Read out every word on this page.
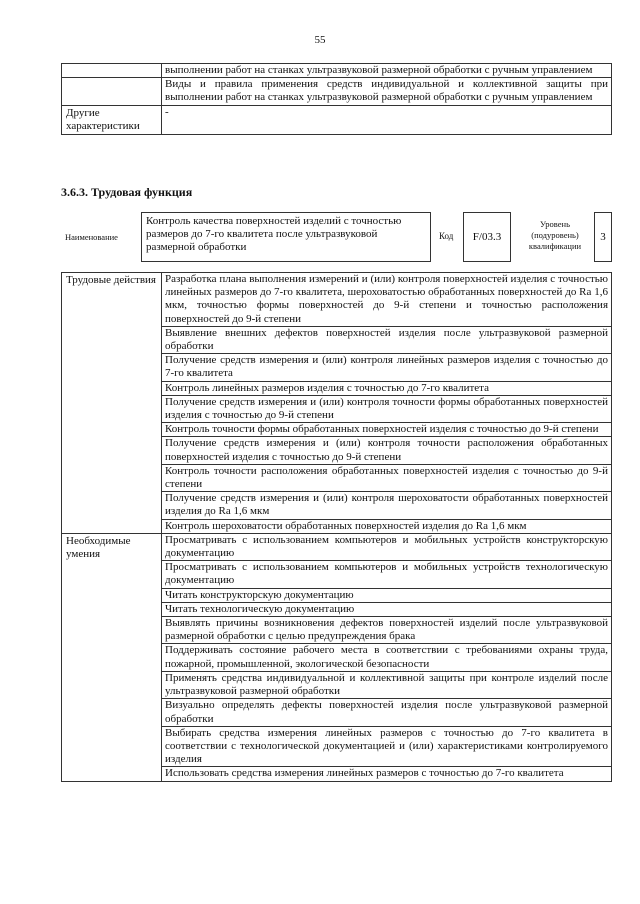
55
	выполнении работ на станках ультразвуковой размерной обработки с ручным управлением
	Виды и правила применения средств индивидуальной и коллективной защиты при выполнении работ на станках ультразвуковой размерной обработки с ручным управлением
Другие характеристики	-
3.6.3. Трудовая функция
Наименование
Контроль качества поверхностей изделий с точностью размеров до 7-го квалитета после ультразвуковой размерной обработки
Код	F/03.3
Уровень (подуровень) квалификации
3
Трудовые действия	Разработка плана выполнения измерений и (или) контроля поверхностей изделия с точностью линейных размеров до 7-го квалитета, шероховатостью обработанных поверхностей до Ra 1,6 мкм, точностью формы поверхностей до 9-й степени и точностью расположения поверхностей до 9-й степени
	Выявление внешних дефектов поверхностей изделия после ультразвуковой размерной обработки
	Получение средств измерения и (или) контроля линейных размеров изделия с точностью до 7-го квалитета
	Контроль линейных размеров изделия с точностью до 7-го квалитета
	Получение средств измерения и (или) контроля точности формы обработанных поверхностей изделия с точностью до 9-й степени
	Контроль точности формы обработанных поверхностей изделия с точностью до 9-й степени
	Получение средств измерения и (или) контроля точности расположения обработанных поверхностей изделия с точностью до 9-й степени
	Контроль точности расположения обработанных поверхностей изделия с точностью до 9-й степени
	Получение средств измерения и (или) контроля шероховатости обработанных поверхностей изделия до Ra 1,6 мкм
	Контроль шероховатости обработанных поверхностей изделия до Ra 1,6 мкм
Необходимые умения	Просматривать с использованием компьютеров и мобильных устройств конструкторскую документацию
	Просматривать с использованием компьютеров и мобильных устройств технологическую документацию
	Читать конструкторскую документацию
	Читать технологическую документацию
	Выявлять причины возникновения дефектов поверхностей изделий после ультразвуковой размерной обработки с целью предупреждения брака
	Поддерживать состояние рабочего места в соответствии с требованиями охраны труда, пожарной, промышленной, экологической безопасности
	Применять средства индивидуальной и коллективной защиты при контроле изделий после ультразвуковой размерной обработки
	Визуально определять дефекты поверхностей изделия после ультразвуковой размерной обработки
	Выбирать средства измерения линейных размеров с точностью до 7-го квалитета в соответствии с технологической документацией и (или) характеристиками контролируемого изделия
	Использовать средства измерения линейных размеров с точностью до 7-го квалитета
